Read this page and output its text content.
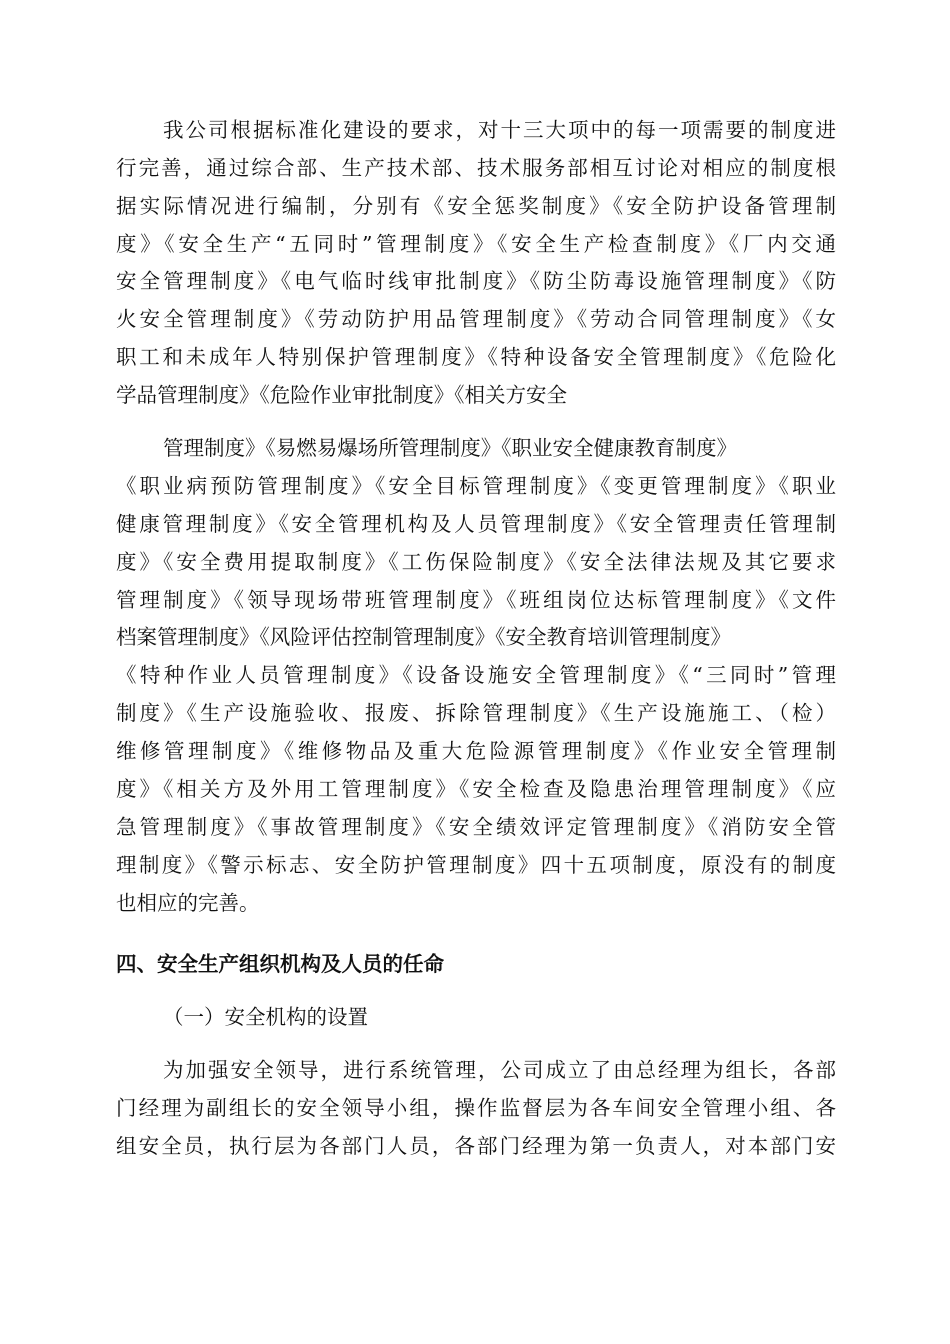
我公司根据标准化建设的要求，对十三大项中的每一项需要的制度进
行完善，通过综合部、生产技术部、技术服务部相互讨论对相应的制度根
据实际情况进行编制，分别有《安全惩奖制度》《安全防护设备管理制
度》《安全生产“五同时”管理制度》《安全生产检查制度》《厂内交通
安全管理制度》《电气临时线审批制度》《防尘防毒设施管理制度》《防
火安全管理制度》《劳动防护用品管理制度》《劳动合同管理制度》《女
职工和未成年人特别保护管理制度》《特种设备安全管理制度》《危险化
学品管理制度》《危险作业审批制度》《相关方安全
管理制度》《易燃易爆场所管理制度》《职业安全健康教育制度》
《职业病预防管理制度》《安全目标管理制度》《变更管理制度》《职业
健康管理制度》《安全管理机构及人员管理制度》《安全管理责任管理制
度》《安全费用提取制度》《工伤保险制度》《安全法律法规及其它要求
管理制度》《领导现场带班管理制度》《班组岗位达标管理制度》《文件
档案管理制度》《风险评估控制管理制度》《安全教育培训管理制度》
《特种作业人员管理制度》《设备设施安全管理制度》《“三同时”管理
制度》《生产设施验收、报废、拆除管理制度》《生产设施施工、（检）
维修管理制度》《维修物品及重大危险源管理制度》《作业安全管理制
度》《相关方及外用工管理制度》《安全检查及隐患治理管理制度》《应
急管理制度》《事故管理制度》《安全绩效评定管理制度》《消防安全管
理制度》《警示标志、安全防护管理制度》四十五项制度，原没有的制度
也相应的完善。
四、安全生产组织机构及人员的任命
（一）安全机构的设置
为加强安全领导，进行系统管理，公司成立了由总经理为组长，各部
门经理为副组长的安全领导小组，操作监督层为各车间安全管理小组、各
组安全员，执行层为各部门人员，各部门经理为第一负责人，对本部门安
